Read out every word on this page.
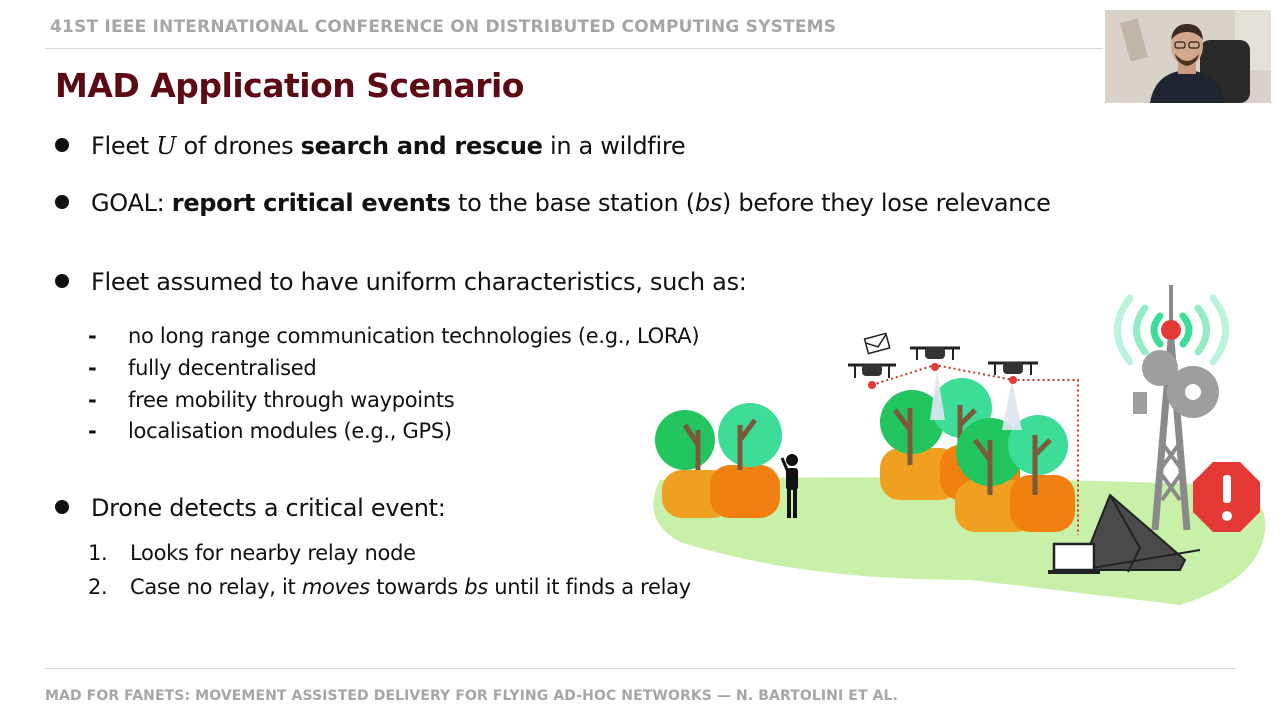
41ST IEEE INTERNATIONAL CONFERENCE ON DISTRIBUTED COMPUTING SYSTEMS
MAD Application Scenario
Fleet U of drones search and rescue in a wildfire
GOAL: report critical events to the base station (bs) before they lose relevance
Fleet assumed to have uniform characteristics, such as:
- no long range communication technologies (e.g., LORA)
- fully decentralised
- free mobility through waypoints
- localisation modules (e.g., GPS)
Drone detects a critical event:
1. Looks for nearby relay node
2. Case no relay, it moves towards bs until it finds a relay
MAD FOR FANETS: MOVEMENT ASSISTED DELIVERY FOR FLYING AD-HOC NETWORKS — N. BARTOLINI ET AL.
